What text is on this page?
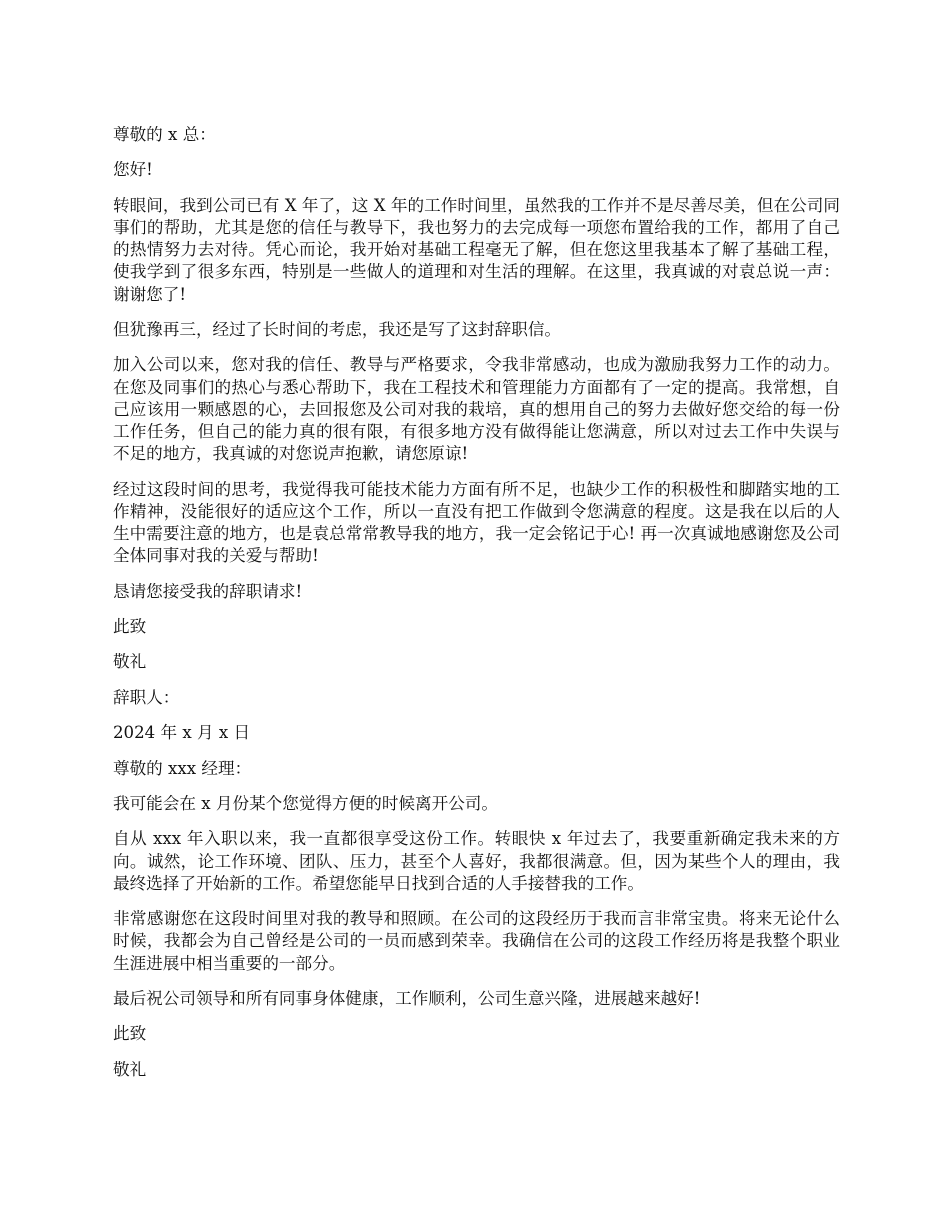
尊敬的 x 总：

您好!

转眼间，我到公司已有 X 年了，这 X 年的工作时间里，虽然我的工作并不是尽善尽美，但在公司同事们的帮助，尤其是您的信任与教导下，我也努力的去完成每一项您布置给我的工作，都用了自己的热情努力去对待。凭心而论，我开始对基础工程毫无了解，但在您这里我基本了解了基础工程，使我学到了很多东西，特别是一些做人的道理和对生活的理解。在这里，我真诚的对袁总说一声：谢谢您了!

但犹豫再三，经过了长时间的考虑，我还是写了这封辞职信。

加入公司以来，您对我的信任、教导与严格要求，令我非常感动，也成为激励我努力工作的动力。在您及同事们的热心与悉心帮助下，我在工程技术和管理能力方面都有了一定的提高。我常想，自己应该用一颗感恩的心，去回报您及公司对我的栽培，真的想用自己的努力去做好您交给的每一份工作任务，但自己的能力真的很有限，有很多地方没有做得能让您满意，所以对过去工作中失误与不足的地方，我真诚的对您说声抱歉，请您原谅!

经过这段时间的思考，我觉得我可能技术能力方面有所不足，也缺少工作的积极性和脚踏实地的工作精神，没能很好的适应这个工作，所以一直没有把工作做到令您满意的程度。这是我在以后的人生中需要注意的地方，也是袁总常常教导我的地方，我一定会铭记于心! 再一次真诚地感谢您及公司全体同事对我的关爱与帮助!

恳请您接受我的辞职请求!

此致

敬礼

辞职人：

2024 年 x 月 x 日

尊敬的 xxx 经理：

我可能会在 x 月份某个您觉得方便的时候离开公司。

自从 xxx 年入职以来，我一直都很享受这份工作。转眼快 x 年过去了，我要重新确定我未来的方向。诚然，论工作环境、团队、压力，甚至个人喜好，我都很满意。但，因为某些个人的理由，我最终选择了开始新的工作。希望您能早日找到合适的人手接替我的工作。

非常感谢您在这段时间里对我的教导和照顾。在公司的这段经历于我而言非常宝贵。将来无论什么时候，我都会为自己曾经是公司的一员而感到荣幸。我确信在公司的这段工作经历将是我整个职业生涯进展中相当重要的一部分。

最后祝公司领导和所有同事身体健康，工作顺利，公司生意兴隆，进展越来越好!

此致

敬礼
